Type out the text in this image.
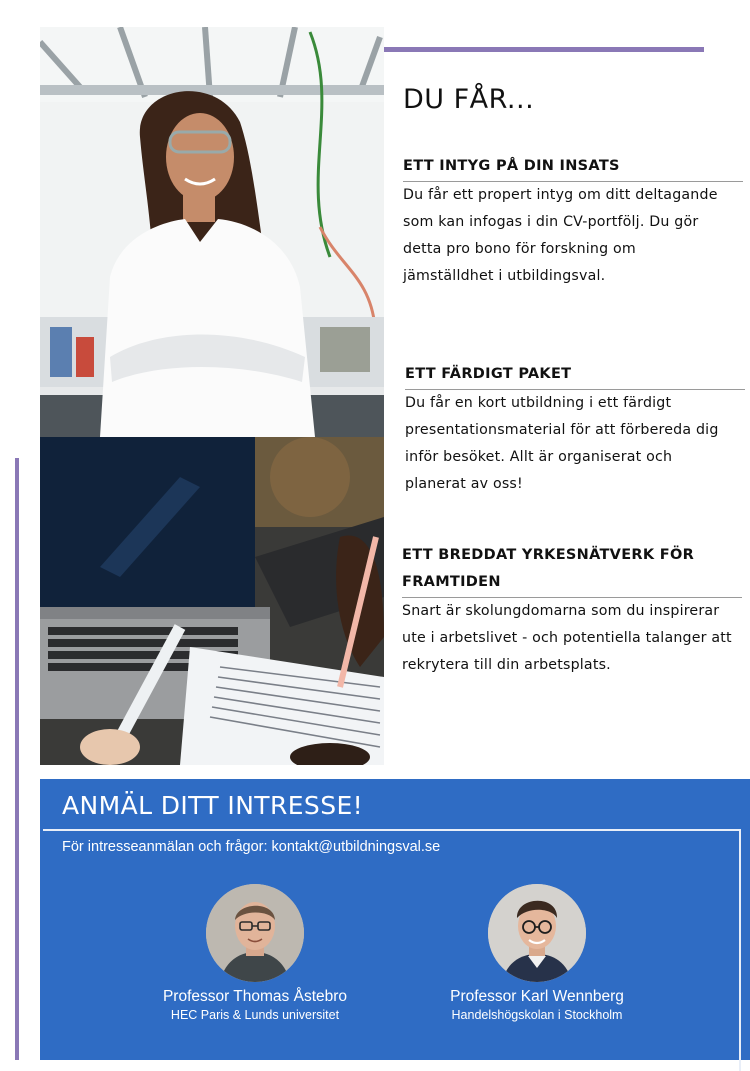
DU FÅR...
ETT INTYG PÅ DIN INSATS

Du får ett propert intyg om ditt deltagande

som kan infogas i din CV-portfölj. Du gör

detta pro bono för forskning om

jämställdhet i utbildingsval.

ETT FÄRDIGT PAKET

Du får en kort utbildning i ett färdigt

presentationsmaterial för att förbereda dig

inför besöket. Allt är organiserat och

planerat av oss!

ETT BREDDAT YRKESNÄTVERK FÖR
FRAMTIDEN

Snart är skolungdomarna som du inspirerar

ute i arbetslivet - och potentiella talanger att

rekrytera till din arbetsplats.

ANMÄL DITT INTRESSE!
För intresseanmälan och frågor: kontakt@utbildningsval.se
Professor Thomas Åstebro
HEC Paris & Lunds universitet
Professor Karl Wennberg
Handelshögskolan i Stockholm
